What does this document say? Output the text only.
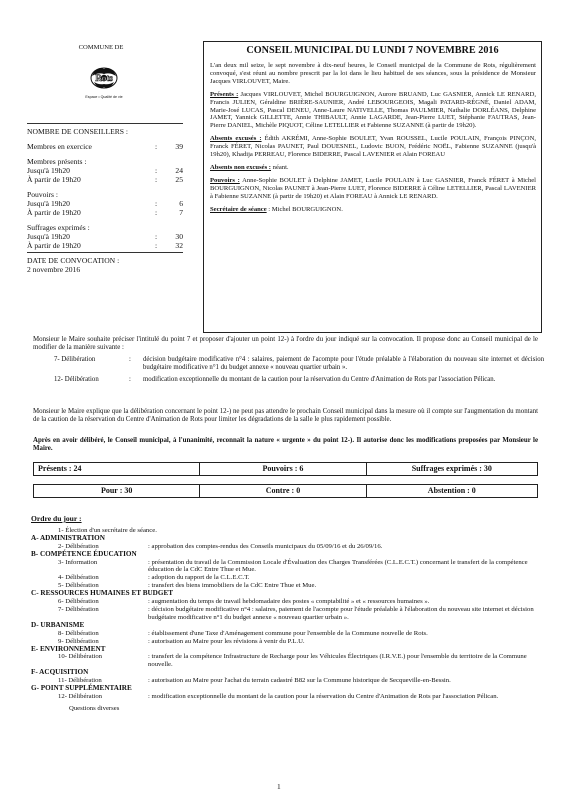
COMMUNE DE
Rots
Espace • Qualité de vie
NOMBRE DE CONSEILLERS :
Membres en exercice	:	39
Membres présents :
Jusqu'à 19h20	:	24
À partir de 19h20	:	25
Pouvoirs :
Jusqu'à 19h20	:	6
À partir de 19h20	:	7
Suffrages exprimés :
Jusqu'à 19h20	:	30
À partir de 19h20	:	32
DATE DE CONVOCATION :
2 novembre 2016
CONSEIL MUNICIPAL DU LUNDI 7 NOVEMBRE 2016

L'an deux mil seize, le sept novembre à dix-neuf heures, le Conseil municipal de la Commune de Rots, régulièrement convoqué, s'est réuni au nombre prescrit par la loi dans le lieu habituel de ses séances, sous la présidence de Monsieur Jacques VIRLOUVET, Maire.

Présents : Jacques VIRLOUVET, Michel BOURGUIGNON, Aurore BRUAND, Luc GASNIER, Annick LE RENARD, Francis JULIEN, Géraldine BRIÈRE-SAUNIER, André LEBOURGEOIS, Magali PATARD-RÉGNÉ, Daniel ADAM, Marie-José LUCAS, Pascal DENEU, Anne-Laure NATIVELLE, Thomas PAULMIER, Nathalie DORLÉANS, Delphine JAMET, Yannick GILLETTE, Annie THIBAULT, Annie LAGARDE, Jean-Pierre LUET, Stéphanie FAUTRAS, Jean-Pierre DANIEL, Michèle PIQUOT, Céline LETELLIER et Fabienne SUZANNE (à partir de 19h20).

Absents excusés : Édith AKRÉMI, Anne-Sophie BOULET, Yvan ROUSSEL, Lucile POULAIN, François PINÇON, Franck FÉRET, Nicolas PAUNET, Paul DOUESNEL, Ludovic BUON, Frédéric NOËL, Fabienne SUZANNE (jusqu'à 19h20), Khadija PERREAU, Florence BIDERRE, Pascal LAVENIER et Alain FOREAU

Absents non excusés : néant.

Pouvoirs : Anne-Sophie BOULET à Delphine JAMET, Lucile POULAIN à Luc GASNIER, Franck FÉRET à Michel BOURGUIGNON, Nicolas PAUNET à Jean-Pierre LUET, Florence BIDERRE à Céline LETELLIER, Pascal LAVENIER à Fabienne SUZANNE (à partir de 19h20) et Alain FOREAU à Annick LE RENARD.

Secrétaire de séance : Michel BOURGUIGNON.

Monsieur le Maire souhaite préciser l'intitulé du point 7 et proposer d'ajouter un point 12-) à l'ordre du jour indiqué sur la convocation. Il propose donc au Conseil municipal de le modifier de la manière suivante :
7- Délibération	:	décision budgétaire modificative n°4 : salaires, paiement de l'acompte pour l'étude préalable à l'élaboration du nouveau site internet et décision budgétaire modificative n°1 du budget annexe « nouveau quartier urbain ».
12- Délibération	:	modification exceptionnelle du montant de la caution pour la réservation du Centre d'Animation de Rots par l'association Pélican.
Monsieur le Maire explique que la délibération concernant le point 12-) ne peut pas attendre le prochain Conseil municipal dans la mesure où il compte sur l'augmentation du montant de la caution de la réservation du Centre d'Animation de Rots pour limiter les dégradations de la salle le plus rapidement possible.
Après en avoir délibéré, le Conseil municipal, à l'unanimité, reconnaît la nature « urgente » du point 12-). Il autorise donc les modifications proposées par Monsieur le Maire.
Présents : 24	Pouvoirs : 6	Suffrages exprimés : 30
Pour : 30	Contre : 0	Abstention : 0
Ordre du jour :
1- Élection d'un secrétaire de séance.
A- ADMINISTRATION
2- Délibération	: approbation des comptes-rendus des Conseils municipaux du 05/09/16 et du 26/09/16.
B- COMPÉTENCE ÉDUCATION
3- Information	: présentation du travail de la Commission Locale d'Évaluation des Charges Transférées (C.L.E.C.T.) concernant le transfert de la compétence éducation de la CdC Entre Thue et Mue.
4- Délibération	: adoption du rapport de la C.L.E.C.T.
5- Délibération	: transfert des biens immobiliers de la CdC Entre Thue et Mue.
C- RESSOURCES HUMAINES ET BUDGET
6- Délibération	: augmentation du temps de travail hebdomadaire des postes « comptabilité » et « ressources humaines ».
7- Délibération	: décision budgétaire modificative n°4 : salaires, paiement de l'acompte pour l'étude préalable à l'élaboration du nouveau site internet et décision budgétaire modificative n°1 du budget annexe « nouveau quartier urbain ».
D- URBANISME
8- Délibération	: établissement d'une Taxe d'Aménagement commune pour l'ensemble de la Commune nouvelle de Rots.
9- Délibération	: autorisation au Maire pour les révisions à venir du P.L.U.
E- ENVIRONNEMENT
10- Délibération	: transfert de la compétence Infrastructure de Recharge pour les Véhicules Électriques (I.R.V.E.) pour l'ensemble du territoire de la Commune nouvelle.
F- ACQUISITION
11- Délibération	: autorisation au Maire pour l'achat du terrain cadastré B82 sur la Commune historique de Secqueville-en-Bessin.
G- POINT SUPPLÉMENTAIRE
12- Délibération	: modification exceptionnelle du montant de la caution pour la réservation du Centre d'Animation de Rots par l'association Pélican.
Questions diverses
1
